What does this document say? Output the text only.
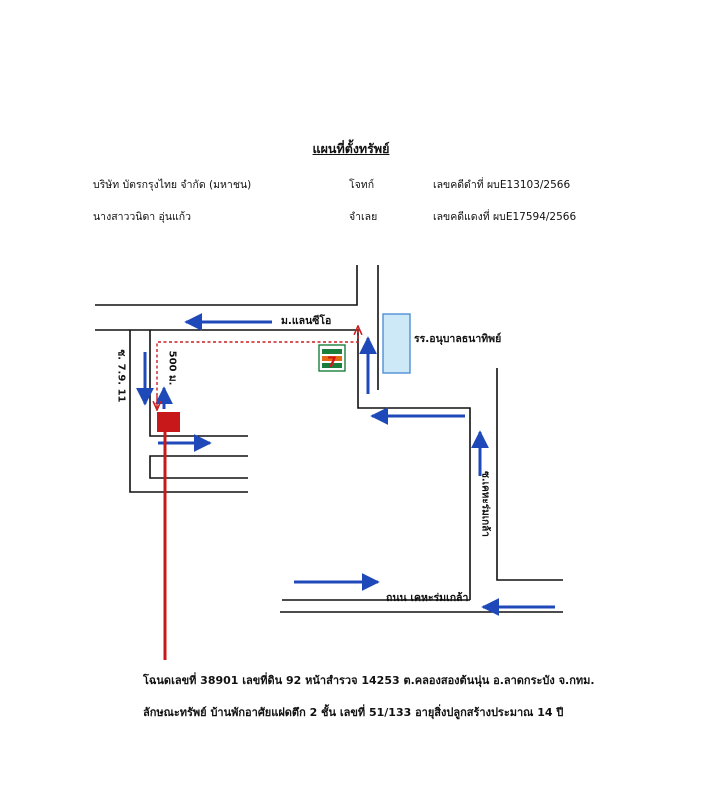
แผนที่ตั้งทรัพย์
บริษัท บัตรกรุงไทย จำกัด (มหาชน)	โจทก์	เลขคดีดำที่ ผบE13103/2566
นางสาววนิดา อุ่นแก้ว	จำเลย	เลขคดีแดงที่ ผบE17594/2566
7
ม.แลนซีโอ
รร.อนุบาลธนาทิพย์
ซ. 7.9. 11	500 ม.
ซ.เคหะร่มเกล้า
ถนน เคหะร่มเกล้า
โฉนดเลขที่ 38901 เลขที่ดิน 92 หน้าสำรวจ 14253 ต.คลองสองต้นนุ่น อ.ลาดกระบัง จ.กทม.
ลักษณะทรัพย์ บ้านพักอาศัยแฝดตึก 2 ชั้น เลขที่ 51/133 อายุสิ่งปลูกสร้างประมาณ 14 ปี
